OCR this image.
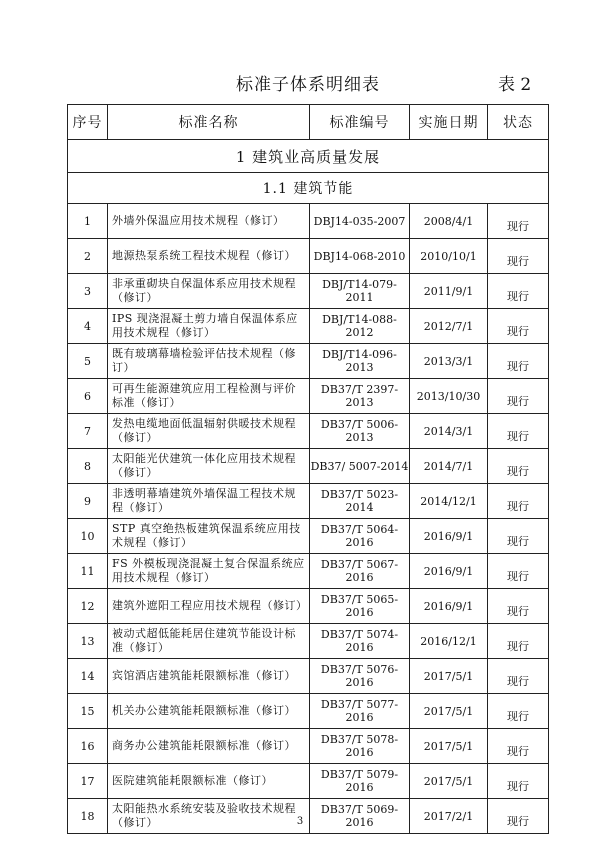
标准子体系明细表	表 2
序号	标准名称	标准编号	实施日期	状态
1 建筑业高质量发展				
1.1 建筑节能				
1	外墙外保温应用技术规程（修订）	DBJ14-035-2007	2008/4/1	现行
2	地源热泵系统工程技术规程（修订）	DBJ14-068-2010	2010/10/1	现行
3	非承重砌块自保温体系应用技术规程（修订）	DBJ/T14-079-2011	2011/9/1	现行
4	IPS 现浇混凝土剪力墙自保温体系应用技术规程（修订）	DBJ/T14-088-2012	2012/7/1	现行
5	既有玻璃幕墙检验评估技术规程（修订）	DBJ/T14-096-2013	2013/3/1	现行
6	可再生能源建筑应用工程检测与评价标准（修订）	DB37/T 2397-2013	2013/10/30	现行
7	发热电缆地面低温辐射供暖技术规程（修订）	DB37/T 5006-2013	2014/3/1	现行
8	太阳能光伏建筑一体化应用技术规程（修订）	DB37/ 5007-2014	2014/7/1	现行
9	非透明幕墙建筑外墙保温工程技术规程（修订）	DB37/T 5023-2014	2014/12/1	现行
10	STP 真空绝热板建筑保温系统应用技术规程（修订）	DB37/T 5064-2016	2016/9/1	现行
11	FS 外模板现浇混凝土复合保温系统应用技术规程（修订）	DB37/T 5067-2016	2016/9/1	现行
12	建筑外遮阳工程应用技术规程（修订）	DB37/T 5065-2016	2016/9/1	现行
13	被动式超低能耗居住建筑节能设计标准（修订）	DB37/T 5074-2016	2016/12/1	现行
14	宾馆酒店建筑能耗限额标准（修订）	DB37/T 5076-2016	2017/5/1	现行
15	机关办公建筑能耗限额标准（修订）	DB37/T 5077-2016	2017/5/1	现行
16	商务办公建筑能耗限额标准（修订）	DB37/T 5078-2016	2017/5/1	现行
17	医院建筑能耗限额标准（修订）	DB37/T 5079-2016	2017/5/1	现行
18	太阳能热水系统安装及验收技术规程（修订）	DB37/T 5069-2016	2017/2/1	现行
3
